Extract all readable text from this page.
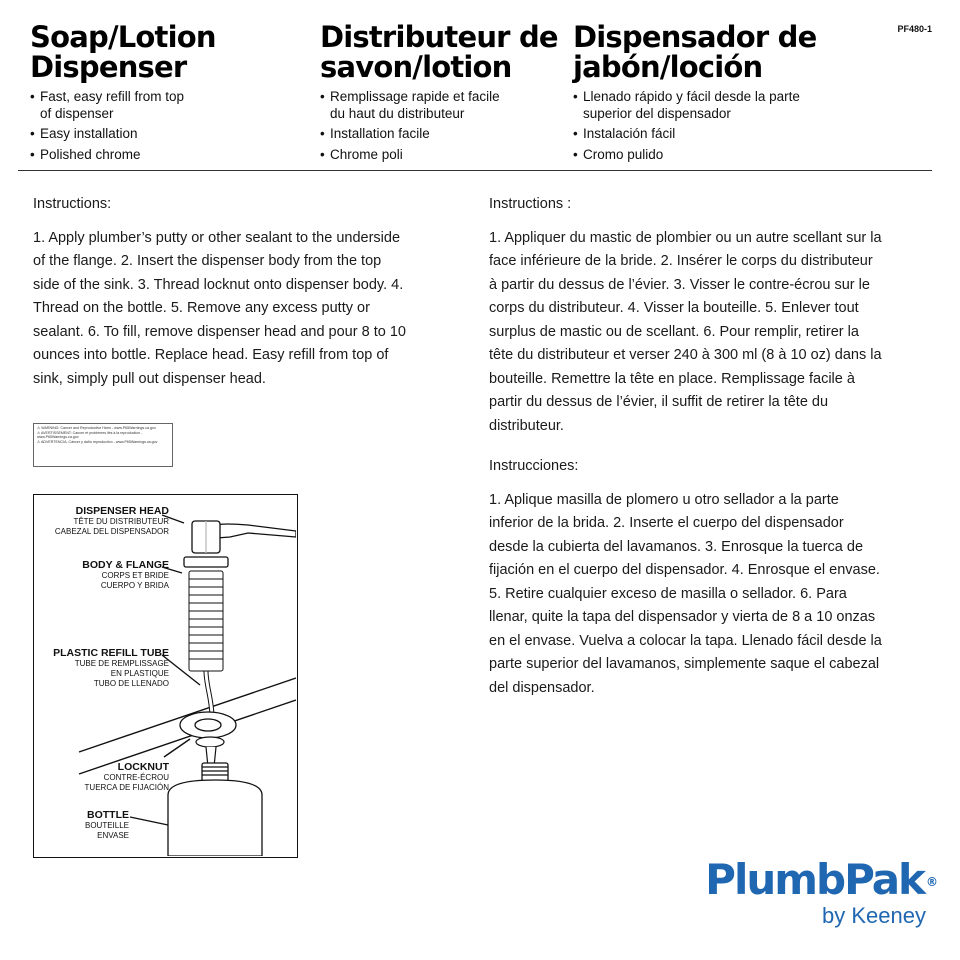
PF480-1
Soap/Lotion
Dispenser
• Fast, easy refill from top
of dispenser
• Easy installation
• Polished chrome
Distributeur de
savon/lotion
• Remplissage rapide et facile
du haut du distributeur
• Installation facile
• Chrome poli
Dispensador de
jabón/loción
• Llenado rápido y fácil desde la parte
superior del dispensador
• Instalación fácil
• Cromo pulido
Instructions:
1. Apply plumber’s putty or other sealant to the underside of the flange. 2. Insert the dispenser body from the top side of the sink. 3. Thread locknut onto dispenser body. 4. Thread on the bottle. 5. Remove any excess putty or sealant. 6. To fill, remove dispenser head and pour 8 to 10 ounces into bottle. Replace head. Easy refill from top of sink, simply pull out dispenser head.
Instructions :
1. Appliquer du mastic de plombier ou un autre scellant sur la face inférieure de la bride. 2. Insérer le corps du distributeur à partir du dessus de l’évier. 3. Visser le contre-écrou sur le corps du distributeur. 4. Visser la bouteille. 5. Enlever tout surplus de mastic ou de scellant. 6. Pour remplir, retirer la tête du distributeur et verser 240 à 300 ml (8 à 10 oz) dans la bouteille. Remettre la tête en place. Remplissage facile à partir du dessus de l’évier, il suffit de retirer la tête du distributeur.
Instrucciones:
1. Aplique masilla de plomero u otro sellador a la parte inferior de la brida. 2. Inserte el cuerpo del dispensador desde la cubierta del lavamanos. 3. Enrosque la tuerca de fijación en el cuerpo del dispensador. 4. Enrosque el envase. 5. Retire cualquier exceso de masilla o sellador. 6. Para llenar, quite la tapa del dispensador y vierta de 8 a 10 onzas en el envase. Vuelva a colocar la tapa. Llenado fácil desde la parte superior del lavamanos, simplemente saque el cabezal del dispensador.
⚠ WARNING: Cancer and Reproductive Harm - www.P65Warnings.ca.gov
⚠ AVERTISSEMENT: Cancer et problèmes liés à la reproduction - www.P65Warnings.ca.gov
⚠ ADVERTENCIA: Cáncer y daño reproductivo - www.P65Warnings.ca.gov
DISPENSER HEAD
TÊTE DU DISTRIBUTEUR
CABEZAL DEL DISPENSADOR
BODY & FLANGE
CORPS ET BRIDE
CUERPO Y BRIDA
PLASTIC REFILL TUBE
TUBE DE REMPLISSAGE
EN PLASTIQUE
TUBO DE LLENADO
LOCKNUT
CONTRE-ÉCROU
TUERCA DE FIJACIÓN
BOTTLE
BOUTEILLE
ENVASE
PlumbPak ®
by Keeney
